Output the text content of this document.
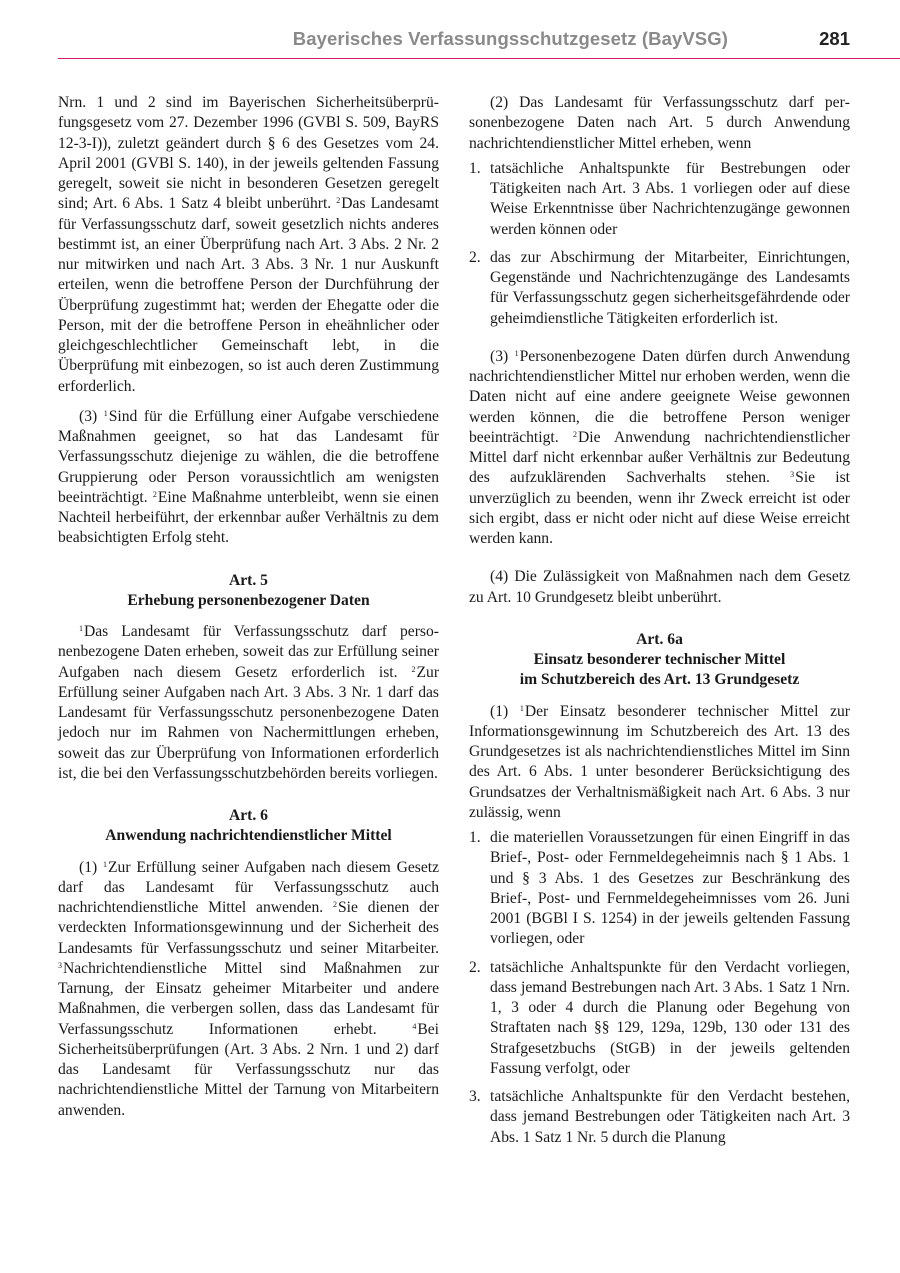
Bayerisches Verfassungsschutzgesetz (BayVSG)	281

Nrn. 1 und 2 sind im Bayerischen Sicherheitsüberprüfungsgesetz vom 27. Dezember 1996 (GVBl S. 509, BayRS 12-3-I)), zuletzt geändert durch § 6 des Gesetzes vom 24. April 2001 (GVBl S. 140), in der jeweils geltenden Fassung geregelt, soweit sie nicht in besonderen Gesetzen geregelt sind; Art. 6 Abs. 1 Satz 4 bleibt unberührt. $^2$Das Landesamt für Verfassungsschutz darf, soweit gesetzlich nichts anderes bestimmt ist, an einer Überprüfung nach Art. 3 Abs. 2 Nr. 2 nur mitwirken und nach Art. 3 Abs. 3 Nr. 1 nur Auskunft erteilen, wenn die betroffene Person der Durchführung der Überprüfung zugestimmt hat; werden der Ehegatte oder die Person, mit der die betroffene Person in eheähnlicher oder gleichgeschlechtlicher Gemeinschaft lebt, in die Überprüfung mit einbezogen, so ist auch deren Zustimmung erforderlich.

(3) $^1$Sind für die Erfüllung einer Aufgabe verschiedene Maßnahmen geeignet, so hat das Landesamt für Verfassungsschutz diejenige zu wählen, die die betroffene Gruppierung oder Person voraussichtlich am wenigsten beeinträchtigt. $^2$Eine Maßnahme unterbleibt, wenn sie einen Nachteil herbeiführt, der erkennbar außer Verhältnis zu dem beabsichtigten Erfolg steht.

Art. 5
Erhebung personenbezogener Daten

$^1$Das Landesamt für Verfassungsschutz darf personenbezogene Daten erheben, soweit das zur Erfüllung seiner Aufgaben nach diesem Gesetz erforderlich ist. $^2$Zur Erfüllung seiner Aufgaben nach Art. 3 Abs. 3 Nr. 1 darf das Landesamt für Verfassungsschutz personenbezogene Daten jedoch nur im Rahmen von Nachermittlungen erheben, soweit das zur Überprüfung von Informationen erforderlich ist, die bei den Verfassungsschutzbehörden bereits vorliegen.

Art. 6
Anwendung nachrichtendienstlicher Mittel

(1) $^1$Zur Erfüllung seiner Aufgaben nach diesem Gesetz darf das Landesamt für Verfassungsschutz auch nachrichtendienstliche Mittel anwenden. $^2$Sie dienen der verdeckten Informationsgewinnung und der Sicherheit des Landesamts für Verfassungsschutz und seiner Mitarbeiter. $^3$Nachrichtendienstliche Mittel sind Maßnahmen zur Tarnung, der Einsatz geheimer Mitarbeiter und andere Maßnahmen, die verbergen sollen, dass das Landesamt für Verfassungsschutz Informationen erhebt.	$^4$Bei Sicherheitsüberprüfungen (Art. 3 Abs. 2 Nrn. 1 und 2) darf das Landesamt für Verfassungsschutz nur das nachrichtendienstliche Mittel der Tarnung von Mitarbeitern anwenden.

(2) Das Landesamt für Verfassungsschutz darf personenbezogene Daten nach Art. 5 durch Anwendung nachrichtendienstlicher Mittel erheben, wenn

1. tatsächliche Anhaltspunkte für Bestrebungen oder Tätigkeiten nach Art. 3 Abs. 1 vorliegen oder auf diese Weise Erkenntnisse über Nachrichtenzugänge gewonnen werden können oder
2. das zur Abschirmung der Mitarbeiter, Einrichtungen, Gegenstände und Nachrichtenzugänge des Landesamts für Verfassungsschutz gegen sicherheitsgefährdende oder geheimdienstliche Tätigkeiten erforderlich ist.

(3) $^1$Personenbezogene Daten dürfen durch Anwendung nachrichtendienstlicher Mittel nur erhoben werden, wenn die Daten nicht auf eine andere geeignete Weise gewonnen werden können, die die betroffene Person weniger beeinträchtigt. $^2$Die Anwendung nachrichtendienstlicher Mittel darf nicht erkennbar außer Verhältnis zur Bedeutung des aufzuklärenden Sachverhalts stehen.	$^3$Sie ist unverzüglich zu beenden, wenn ihr Zweck erreicht ist oder sich ergibt, dass er nicht oder nicht auf diese Weise erreicht werden kann.

(4) Die Zulässigkeit von Maßnahmen nach dem Gesetz zu Art. 10 Grundgesetz bleibt unberührt.

Art. 6a
Einsatz besonderer technischer Mittel
im Schutzbereich des Art. 13 Grundgesetz

(1) $^1$Der Einsatz besonderer technischer Mittel zur Informationsgewinnung im Schutzbereich des Art. 13 des Grundgesetzes ist als nachrichtendienstliches Mittel im Sinn des Art. 6 Abs. 1 unter besonderer Berücksichtigung des Grundsatzes der Verhaltnismäßigkeit nach Art. 6 Abs. 3 nur zulässig, wenn

1. die materiellen Voraussetzungen für einen Eingriff in das Brief-, Post- oder Fernmeldegeheimnis nach § 1 Abs. 1 und § 3 Abs. 1 des Gesetzes zur Beschränkung des Brief-, Post- und Fernmeldegeheimnisses vom 26. Juni 2001 (BGBl I S. 1254) in der jeweils geltenden Fassung vorliegen, oder
2. tatsächliche Anhaltspunkte für den Verdacht vorliegen, dass jemand Bestrebungen nach Art. 3 Abs. 1 Satz 1 Nrn. 1, 3 oder 4 durch die Planung oder Begehung von Straftaten nach §§ 129, 129a, 129b, 130 oder 131 des Strafgesetzbuchs (StGB) in der jeweils geltenden Fassung verfolgt, oder
3. tatsächliche Anhaltspunkte für den Verdacht bestehen, dass jemand Bestrebungen oder Tätigkeiten nach Art. 3 Abs. 1 Satz 1 Nr. 5 durch die Planung
